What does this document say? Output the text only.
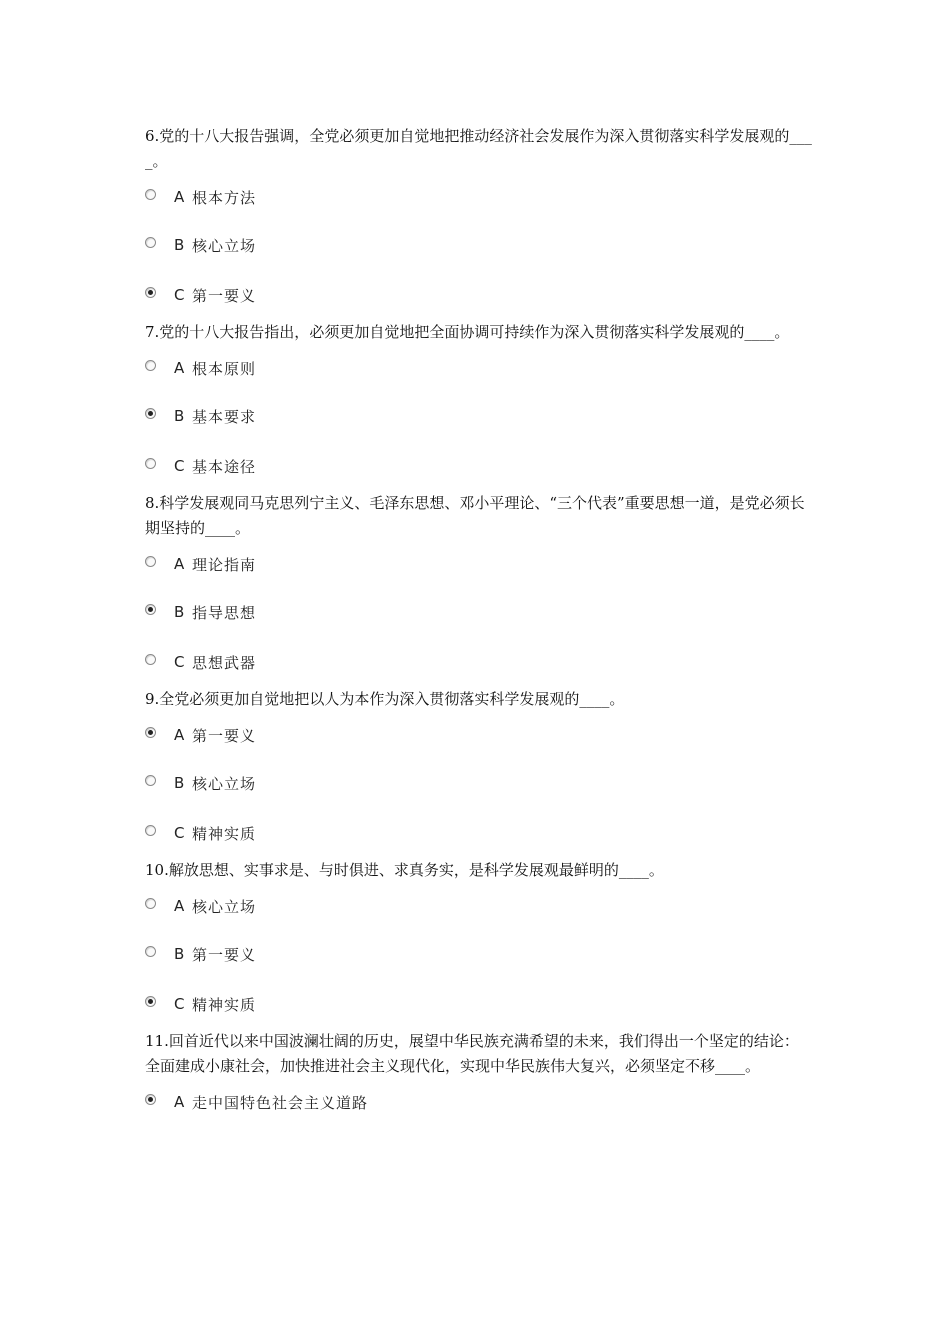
6.党的十八大报告强调，全党必须更加自觉地把推动经济社会发展作为深入贯彻落实科学发展观的____。

A 根本方法
B 核心立场
C 第一要义

7.党的十八大报告指出，必须更加自觉地把全面协调可持续作为深入贯彻落实科学发展观的____。

A 根本原则
B 基本要求
C 基本途径

8.科学发展观同马克思列宁主义、毛泽东思想、邓小平理论、“三个代表”重要思想一道，是党必须长期坚持的____。

A 理论指南
B 指导思想
C 思想武器

9.全党必须更加自觉地把以人为本作为深入贯彻落实科学发展观的____。

A 第一要义
B 核心立场
C 精神实质

10.解放思想、实事求是、与时俱进、求真务实，是科学发展观最鲜明的____。

A 核心立场
B 第一要义
C 精神实质

11.回首近代以来中国波澜壮阔的历史，展望中华民族充满希望的未来，我们得出一个坚定的结论：全面建成小康社会，加快推进社会主义现代化，实现中华民族伟大复兴，必须坚定不移____。

A 走中国特色社会主义道路
